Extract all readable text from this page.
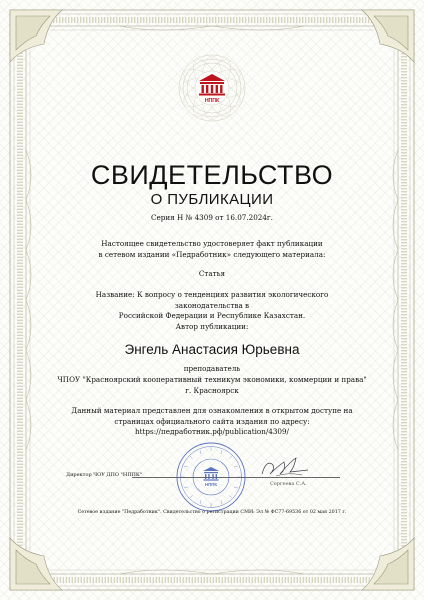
НППК
СВИДЕТЕЛЬСТВО
О ПУБЛИКАЦИИ
Серия Н № 4309 от 16.07.2024г.
Настоящее свидетельство удостоверяет факт публикации
в сетевом издании «Педработник» следующего материала:
Статья
Название: К вопросу о тенденциях развития экологического законодательства в
Российской Федерации и Республике Казахстан.
Автор публикации:
Энгель Анастасия Юрьевна
преподаватель
ЧПОУ "Красноярский кооперативный техникум экономики, коммерции и права"
г. Красноярск
Данный материал представлен для ознакомления в открытом доступе на
страницах официального сайта издания по адресу:
https://педработник.рф/publication/4309/
Директор ЧОУ ДПО "НППК"
НППК	Сергеева С.А.
Сетевое издание "Педработник". Свидетельство о регистрации СМИ: Эл № ФС77-69536 от 02 мая 2017 г.
